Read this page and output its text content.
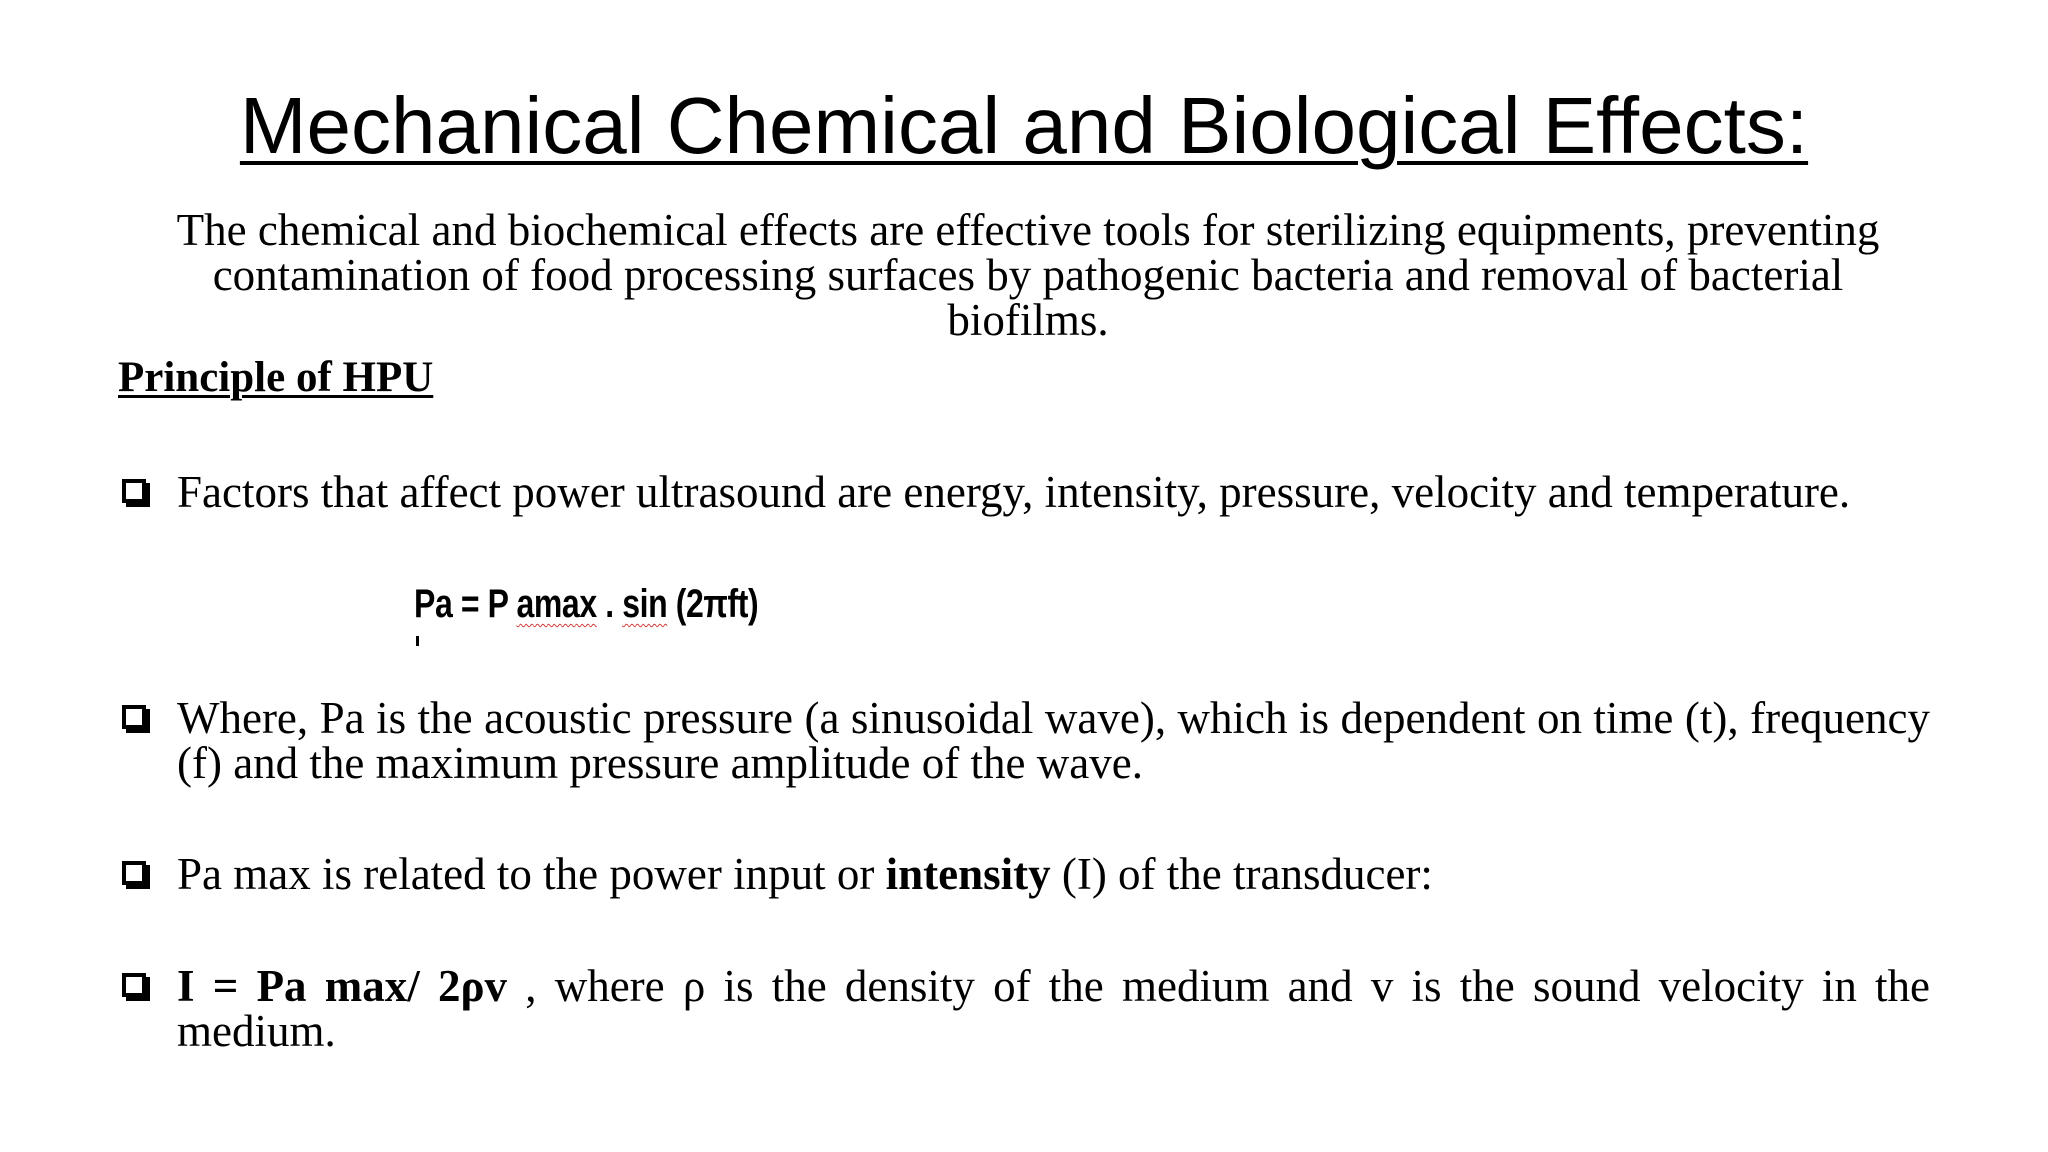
Mechanical Chemical and Biological Effects:
The chemical and biochemical effects are effective tools for sterilizing equipments, preventing contamination of food processing surfaces by pathogenic bacteria and removal of bacterial biofilms.
Principle of HPU
Factors that affect power ultrasound are energy, intensity, pressure, velocity and temperature.
Pa = P amax . sin (2πft)
Where, Pa is the acoustic pressure (a sinusoidal wave), which is dependent on time (t), frequency (f) and the maximum pressure amplitude of the wave.
Pa max is related to the power input or intensity (I) of the transducer:
I = Pa max/ 2ρv , where ρ is the density of the medium and v is the sound velocity in the medium.
